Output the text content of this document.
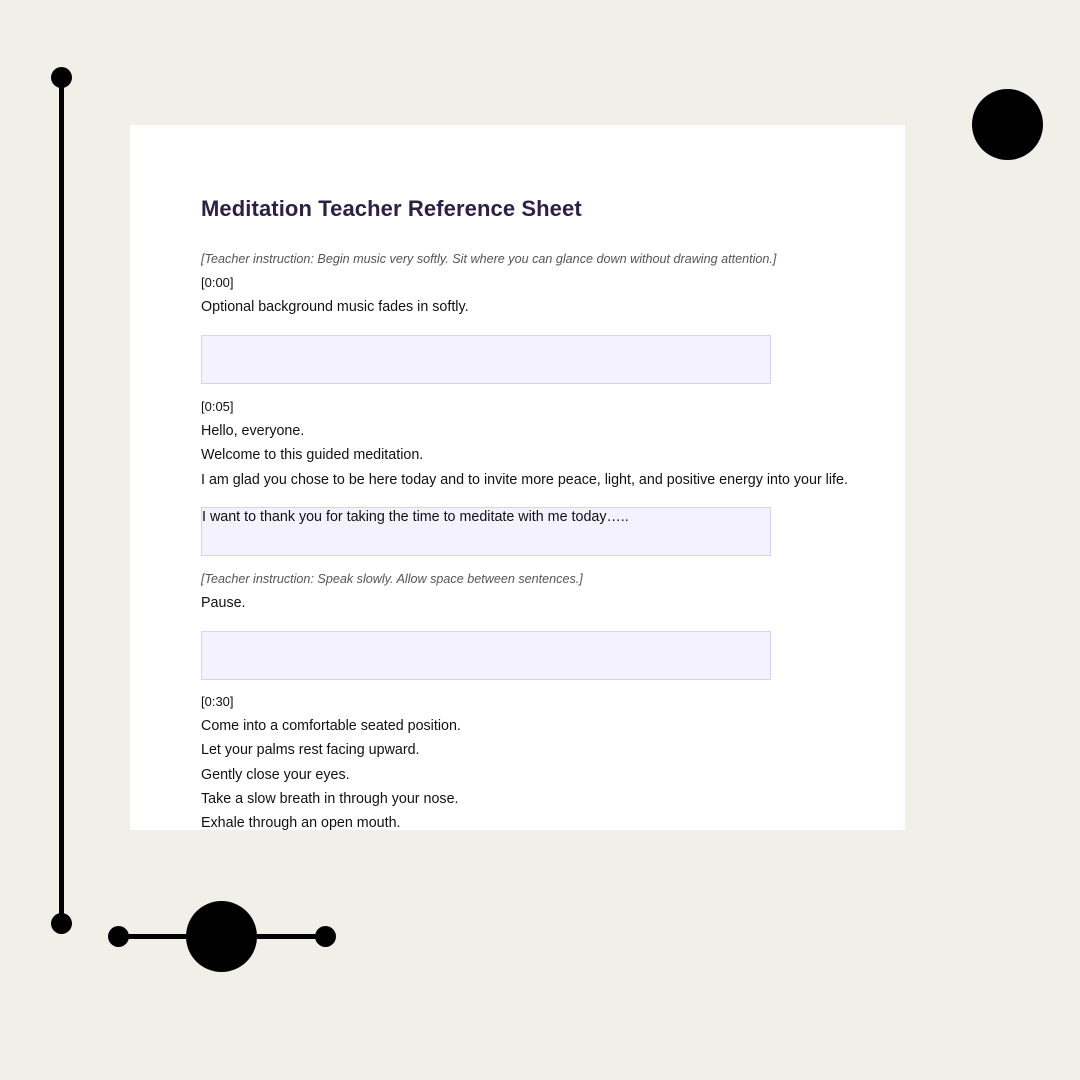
Meditation Teacher Reference Sheet
[Teacher instruction: Begin music very softly. Sit where you can glance down without drawing attention.]
[0:00]
Optional background music fades in softly.
[0:05]
Hello, everyone.
Welcome to this guided meditation.
I am glad you chose to be here today and to invite more peace, light, and positive energy into your life.
I want to thank you for taking the time to meditate with me today…..
[Teacher instruction: Speak slowly. Allow space between sentences.]
Pause.
[0:30]
Come into a comfortable seated position.
Let your palms rest facing upward.
Gently close your eyes.
Take a slow breath in through your nose.
Exhale through an open mouth.
